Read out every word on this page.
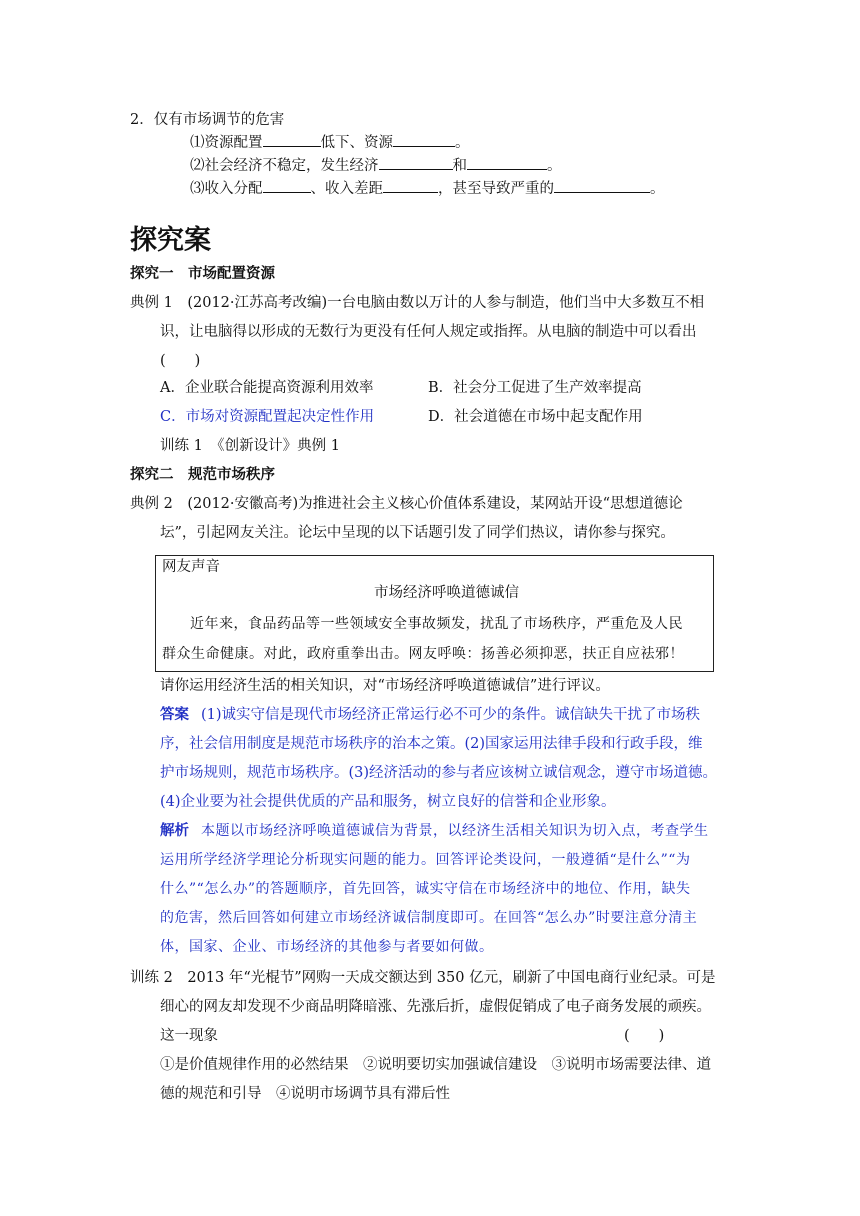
2．仅有市场调节的危害
⑴资源配置	低下、资源	。
⑵社会经济不稳定，发生经济	和	。
⑶收入分配	、收入差距	，甚至导致严重的	。
探究案
探究一　市场配置资源
典例 1　(2012·江苏高考改编)一台电脑由数以万计的人参与制造，他们当中大多数互不相
识，让电脑得以形成的无数行为更没有任何人规定或指挥。从电脑的制造中可以看出
(　　)
A．企业联合能提高资源利用效率	B．社会分工促进了生产效率提高
C．市场对资源配置起决定性作用	D．社会道德在市场中起支配作用
训练 1　《创新设计》典例 1
探究二　规范市场秩序
典例 2　(2012·安徽高考)为推进社会主义核心价值体系建设，某网站开设“思想道德论
坛”，引起网友关注。论坛中呈现的以下话题引发了同学们热议，请你参与探究。
网友声音
市场经济呼唤道德诚信
近年来，食品药品等一些领域安全事故频发，扰乱了市场秩序，严重危及人民
群众生命健康。对此，政府重拳出击。网友呼唤：扬善必须抑恶，扶正自应祛邪！
请你运用经济生活的相关知识，对“市场经济呼唤道德诚信”进行评议。
答案 (1)诚实守信是现代市场经济正常运行必不可少的条件。诚信缺失干扰了市场秩
序，社会信用制度是规范市场秩序的治本之策。(2)国家运用法律手段和行政手段，维
护市场规则，规范市场秩序。(3)经济活动的参与者应该树立诚信观念，遵守市场道德。
(4)企业要为社会提供优质的产品和服务，树立良好的信誉和企业形象。
解析 本题以市场经济呼唤道德诚信为背景，以经济生活相关知识为切入点，考查学生
运用所学经济学理论分析现实问题的能力。回答评论类设问，一般遵循“是什么”“为
什么”“怎么办”的答题顺序，首先回答，诚实守信在市场经济中的地位、作用，缺失
的危害，然后回答如何建立市场经济诚信制度即可。在回答“怎么办”时要注意分清主
体，国家、企业、市场经济的其他参与者要如何做。
训练 2　2013 年“光棍节”网购一天成交额达到 350 亿元，刷新了中国电商行业纪录。可是
细心的网友却发现不少商品明降暗涨、先涨后折，虚假促销成了电子商务发展的顽疾。
这一现象	(　　)
①是价值规律作用的必然结果　②说明要切实加强诚信建设　③说明市场需要法律、道
德的规范和引导　④说明市场调节具有滞后性
